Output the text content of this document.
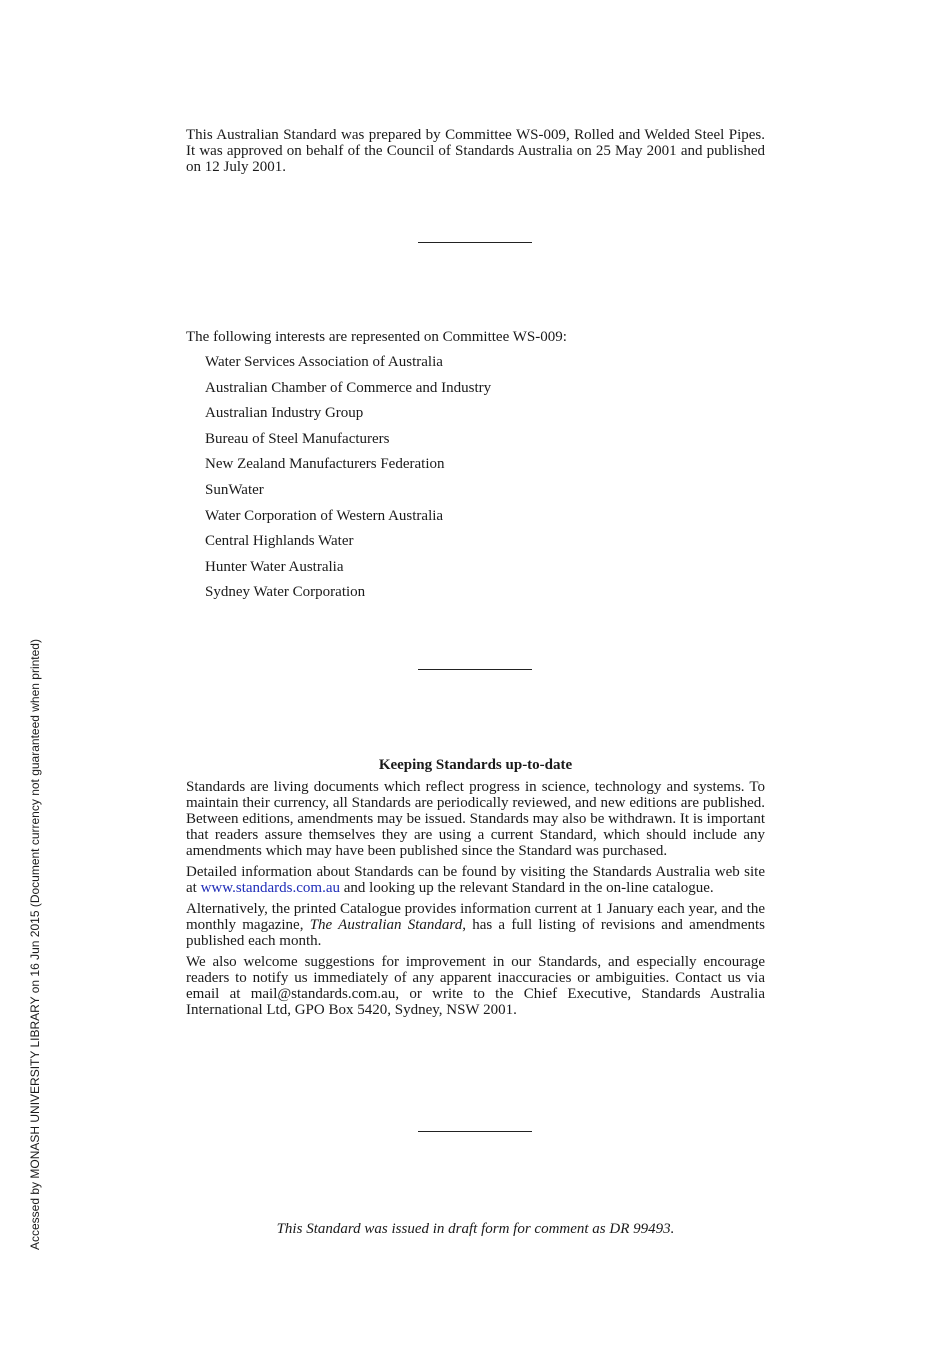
Accessed by MONASH UNIVERSITY LIBRARY on 16 Jun 2015 (Document currency not guaranteed when printed)
This Australian Standard was prepared by Committee WS-009, Rolled and Welded Steel Pipes. It was approved on behalf of the Council of Standards Australia on 25 May 2001 and published on 12 July 2001.
The following interests are represented on Committee WS-009:
Water Services Association of Australia
Australian Chamber of Commerce and Industry
Australian Industry Group
Bureau of Steel Manufacturers
New Zealand Manufacturers Federation
SunWater
Water Corporation of Western Australia
Central Highlands Water
Hunter Water Australia
Sydney Water Corporation
Keeping Standards up-to-date

Standards are living documents which reflect progress in science, technology and systems. To maintain their currency, all Standards are periodically reviewed, and new editions are published. Between editions, amendments may be issued. Standards may also be withdrawn. It is important that readers assure themselves they are using a current Standard, which should include any amendments which may have been published since the Standard was purchased.

Detailed information about Standards can be found by visiting the Standards Australia web site at www.standards.com.au and looking up the relevant Standard in the on-line catalogue.

Alternatively, the printed Catalogue provides information current at 1 January each year, and the monthly magazine, The Australian Standard, has a full listing of revisions and amendments published each month.

We also welcome suggestions for improvement in our Standards, and especially encourage readers to notify us immediately of any apparent inaccuracies or ambiguities. Contact us via email at mail@standards.com.au, or write to the Chief Executive, Standards Australia International Ltd, GPO Box 5420, Sydney, NSW 2001.

This Standard was issued in draft form for comment as DR 99493.
